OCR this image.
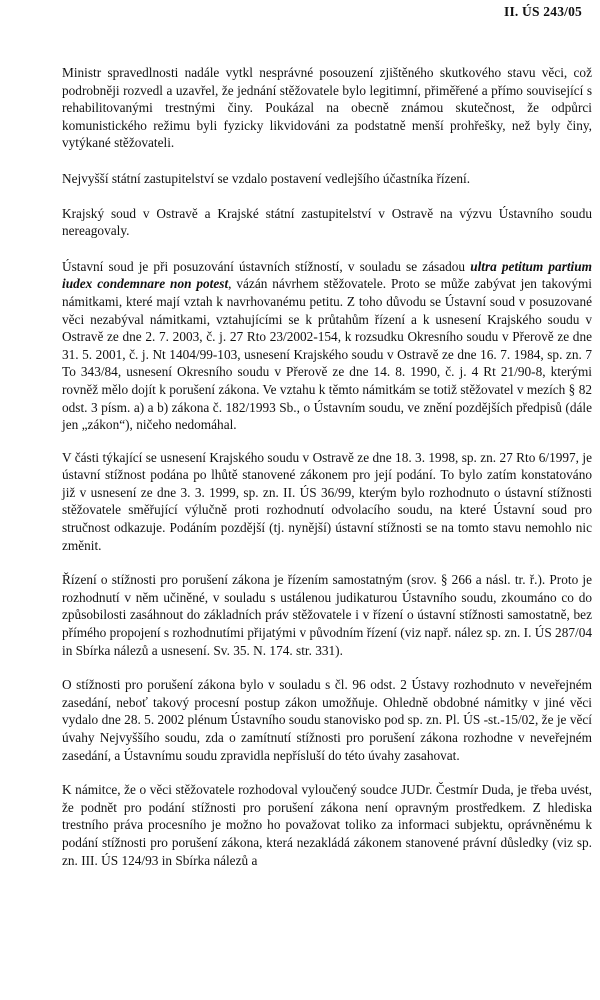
II. ÚS 243/05

Ministr spravedlnosti nadále vytkl nesprávné posouzení zjištěného skutkového stavu věci, což podrobněji rozvedl a uzavřel, že jednání stěžovatele bylo legitimní, přiměřené a přímo související s rehabilitovanými trestnými činy. Poukázal na obecně známou skutečnost, že odpůrci komunistického režimu byli fyzicky likvidováni za podstatně menší prohřešky, než byly činy, vytýkané stěžovateli.

Nejvyšší státní zastupitelství se vzdalo postavení vedlejšího účastníka řízení.

Krajský soud v Ostravě a Krajské státní zastupitelství v Ostravě na výzvu Ústavního soudu nereagovaly.

Ústavní soud je při posuzování ústavních stížností, v souladu se zásadou ultra petitum partium iudex condemnare non potest, vázán návrhem stěžovatele. Proto se může zabývat jen takovými námitkami, které mají vztah k navrhovanému petitu. Z toho důvodu se Ústavní soud v posuzované věci nezabýval námitkami, vztahujícími se k průtahům řízení a k usnesení Krajského soudu v Ostravě ze dne 2. 7. 2003, č. j. 27 Rto 23/2002-154, k rozsudku Okresního soudu v Přerově ze dne 31. 5. 2001, č. j. Nt 1404/99-103, usnesení Krajského soudu v Ostravě ze dne 16. 7. 1984, sp. zn. 7 To 343/84, usnesení Okresního soudu v Přerově ze dne 14. 8. 1990, č. j. 4 Rt 21/90-8, kterými rovněž mělo dojít k porušení zákona. Ve vztahu k těmto námitkám se totiž stěžovatel v mezích § 82 odst. 3 písm. a) a b) zákona č. 182/1993 Sb., o Ústavním soudu, ve znění pozdějších předpisů (dále jen „zákon“), ničeho nedomáhal.

V části týkající se usnesení Krajského soudu v Ostravě ze dne 18. 3. 1998, sp. zn. 27 Rto 6/1997, je ústavní stížnost podána po lhůtě stanovené zákonem pro její podání. To bylo zatím konstatováno již v usnesení ze dne 3. 3. 1999, sp. zn. II. ÚS 36/99, kterým bylo rozhodnuto o ústavní stížnosti stěžovatele směřující výlučně proti rozhodnutí odvolacího soudu, na které Ústavní soud pro stručnost odkazuje. Podáním pozdější (tj. nynější) ústavní stížnosti se na tomto stavu nemohlo nic změnit.

Řízení o stížnosti pro porušení zákona je řízením samostatným (srov. § 266 a násl. tr. ř.). Proto je rozhodnutí v něm učiněné, v souladu s ustálenou judikaturou Ústavního soudu, zkoumáno co do způsobilosti zasáhnout do základních práv stěžovatele i v řízení o ústavní stížnosti samostatně, bez přímého propojení s rozhodnutími přijatými v původním řízení (viz např. nález sp. zn. I. ÚS 287/04 in Sbírka nálezů a usnesení. Sv. 35. N. 174. str. 331).

O stížnosti pro porušení zákona bylo v souladu s čl. 96 odst. 2 Ústavy rozhodnuto v neveřejném zasedání, neboť takový procesní postup zákon umožňuje. Ohledně obdobné námitky v jiné věci vydalo dne 28. 5. 2002 plénum Ústavního soudu stanovisko pod sp. zn. Pl. ÚS -st.-15/02, že je věcí úvahy Nejvyššího soudu, zda o zamítnutí stížnosti pro porušení zákona rozhodne v neveřejném zasedání, a Ústavnímu soudu zpravidla nepřísluší do této úvahy zasahovat.

K námitce, že o věci stěžovatele rozhodoval vyloučený soudce JUDr. Čestmír Duda, je třeba uvést, že podnět pro podání stížnosti pro porušení zákona není opravným prostředkem. Z hlediska trestního práva procesního je možno ho považovat toliko za informaci subjektu, oprávněnému k podání stížnosti pro porušení zákona, která nezakládá zákonem stanovené právní důsledky (viz sp. zn. III. ÚS 124/93 in Sbírka nálezů a
